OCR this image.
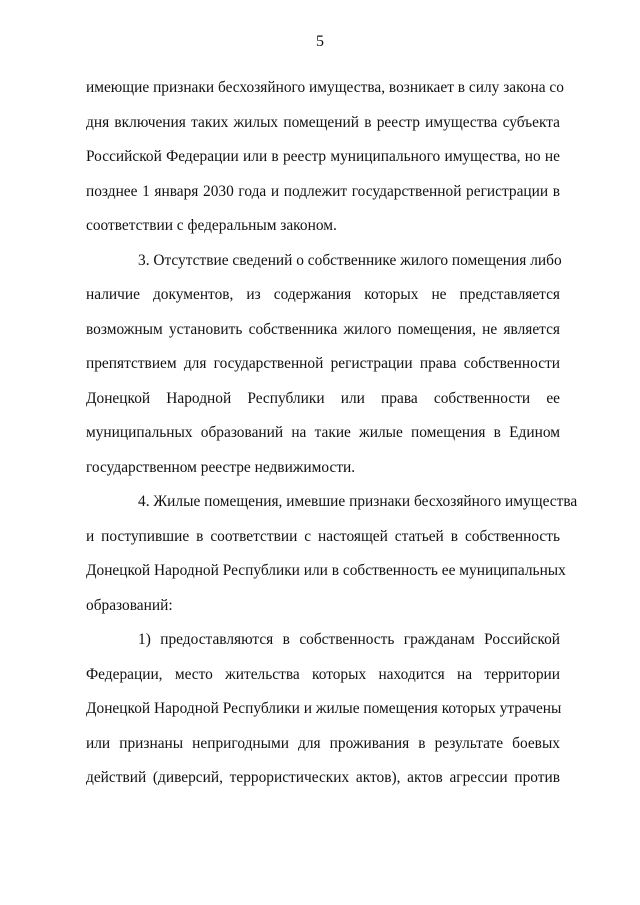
5
имеющие признаки бесхозяйного имущества, возникает в силу закона со
дня включения таких жилых помещений в реестр имущества субъекта
Российской Федерации или в реестр муниципального имущества, но не
позднее 1 января 2030 года и подлежит государственной регистрации в
соответствии с федеральным законом.
3. Отсутствие сведений о собственнике жилого помещения либо
наличие документов, из содержания которых не представляется
возможным установить собственника жилого помещения, не является
препятствием для государственной регистрации права собственности
Донецкой Народной Республики или права собственности ее
муниципальных образований на такие жилые помещения в Едином
государственном реестре недвижимости.
4. Жилые помещения, имевшие признаки бесхозяйного имущества
и поступившие в соответствии с настоящей статьей в собственность
Донецкой Народной Республики или в собственность ее муниципальных
образований:
1) предоставляются в собственность гражданам Российской
Федерации, место жительства которых находится на территории
Донецкой Народной Республики и жилые помещения которых утрачены
или признаны непригодными для проживания в результате боевых
действий (диверсий, террористических актов), актов агрессии против
